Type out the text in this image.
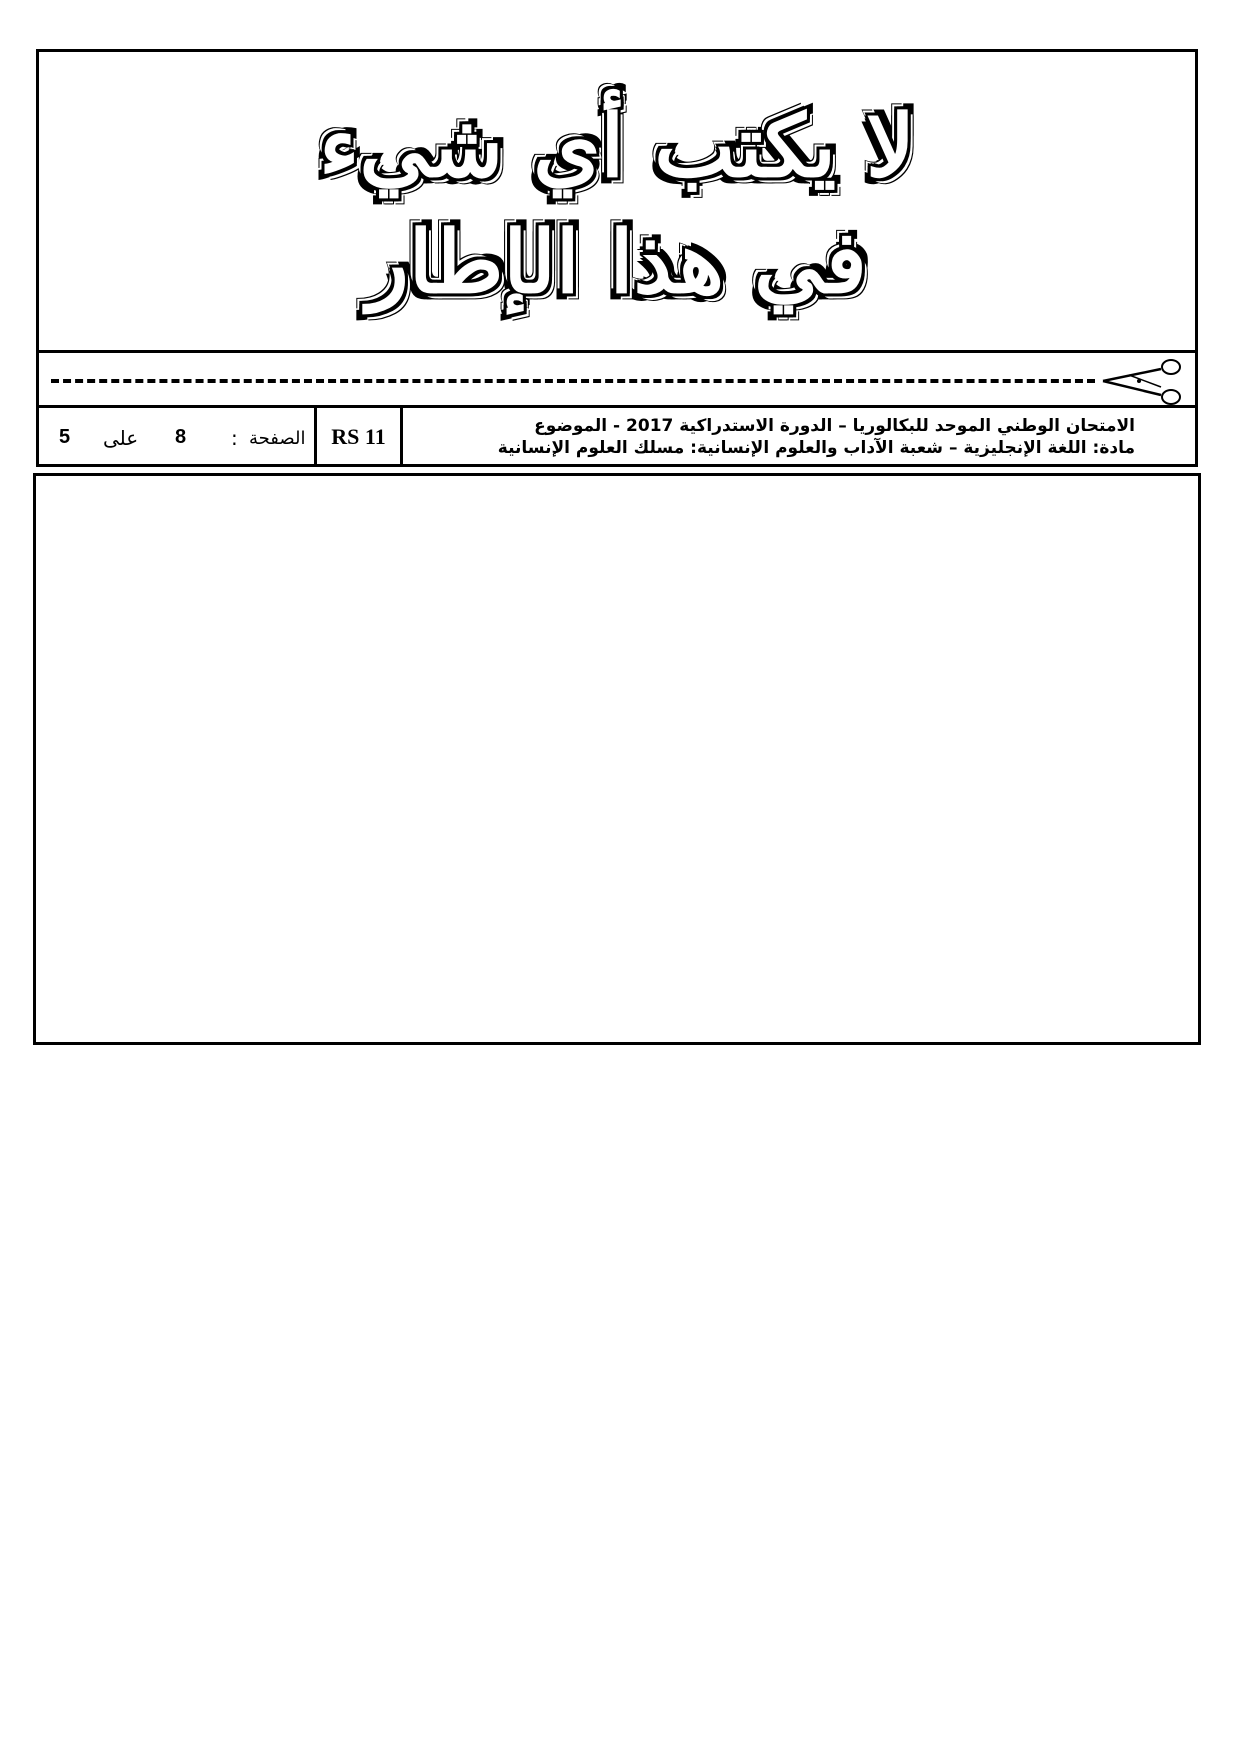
لا يكتب أي شيء
في هذا الإطار
5 على 8 : الصفحة	RS 11	الامتحان الوطني الموحد للبكالوريا – الدورة الاستدراكية 2017 - الموضوع
مادة: اللغة الإنجليزية – شعبة الآداب والعلوم الإنسانية: مسلك العلوم الإنسانية
